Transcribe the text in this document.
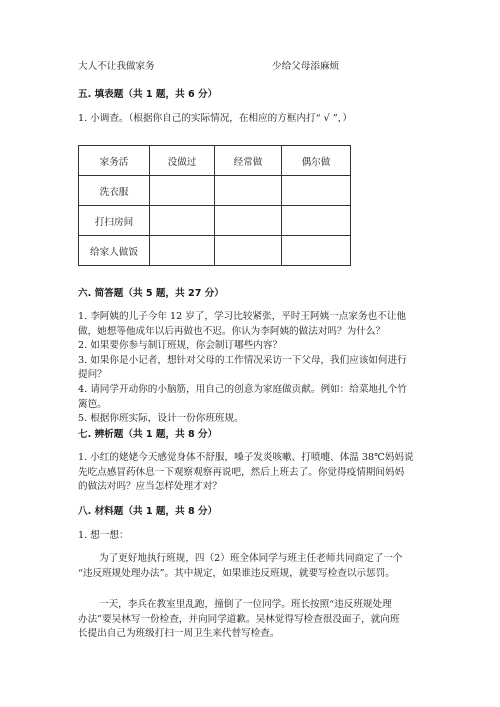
大人不让我做家务	少给父母添麻烦
五. 填表题（共 1 题，共 6 分）
1. 小调查。（根据你自己的实际情况，在相应的方框内打“ √ ”，）
家务活	没做过	经常做	偶尔做
洗衣服			
打扫房间			
给家人做饭			
六. 简答题（共 5 题，共 27 分）
1. 李阿姨的儿子今年 12 岁了，学习比较紧张，平时王阿姨一点家务也不让他
做，她想等他成年以后再做也不迟。你认为李阿姨的做法对吗？为什么？
2. 如果要你参与制订班规，你会制订哪些内容？
3. 如果你是小记者，想针对父母的工作情况采访一下父母，我们应该如何进行
提问？
4. 请同学开动你的小脑筋，用自己的创意为家庭做贡献。例如：给菜地扎个竹
篱笆。
5. 根据你班实际，设计一份你班班规。
七. 辨析题（共 1 题，共 8 分）
1. 小红的姥姥今天感觉身体不舒服，嗓子发炎咳嗽、打喷嚏、体温 38℃妈妈说
先吃点感冒药休息一下观察观察再说吧，然后上班去了。你觉得疫情期间妈妈
的做法对吗？应当怎样处理才对？
八. 材料题（共 1 题，共 8 分）
1. 想一想：
为了更好地执行班规，四（2）班全体同学与班主任老师共同商定了一个
“违反班规处理办法”。其中规定，如果谁违反班规，就要写检查以示惩罚。
一天，李兵在教室里乱跑，撞倒了一位同学。班长按照“违反班规处理
办法”要吴林写一份检查，并向同学道歉。吴林觉得写检查很没面子，就向班
长提出自己为班级打扫一周卫生来代替写检查。
